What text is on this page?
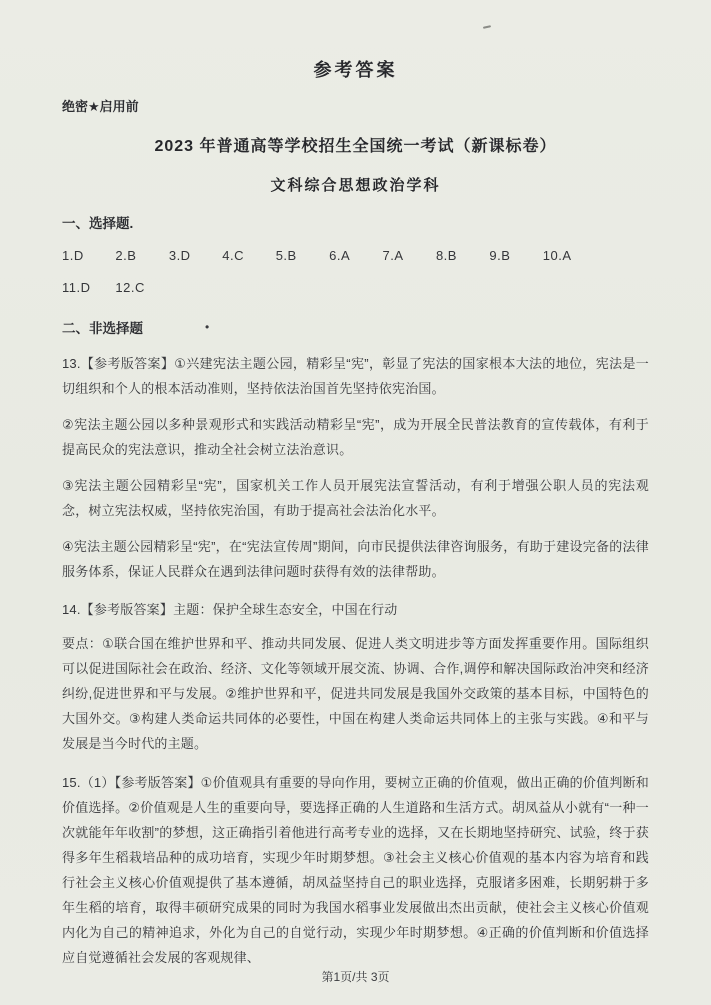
参考答案
绝密★启用前
2023 年普通高等学校招生全国统一考试（新课标卷）
文科综合思想政治学科
一、选择题.
1.D 2.B 3.D 4.C 5.B 6.A 7.A 8.B 9.B 10.A
11.D 12.C
二、非选择题	•

13.【参考版答案】①兴建宪法主题公园，精彩呈“宪”，彰显了宪法的国家根本大法的地位，宪法是一切组织和个人的根本活动准则，坚持依法治国首先坚持依宪治国。

②宪法主题公园以多种景观形式和实践活动精彩呈“宪”，成为开展全民普法教育的宣传载体，有利于提高民众的宪法意识，推动全社会树立法治意识。

③宪法主题公园精彩呈“宪”，国家机关工作人员开展宪法宣誓活动，有利于增强公职人员的宪法观念，树立宪法权威，坚持依宪治国，有助于提高社会法治化水平。

④宪法主题公园精彩呈“宪”，在“宪法宣传周”期间，向市民提供法律咨询服务，有助于建设完备的法律服务体系，保证人民群众在遇到法律问题时获得有效的法律帮助。

14.【参考版答案】主题：保护全球生态安全，中国在行动

要点：①联合国在维护世界和平、推动共同发展、促进人类文明进步等方面发挥重要作用。国际组织可以促进国际社会在政治、经济、文化等领域开展交流、协调、合作,调停和解决国际政治冲突和经济纠纷,促进世界和平与发展。②维护世界和平，促进共同发展是我国外交政策的基本目标，中国特色的大国外交。③构建人类命运共同体的必要性，中国在构建人类命运共同体上的主张与实践。④和平与发展是当今时代的主题。

15.（1）【参考版答案】①价值观具有重要的导向作用，要树立正确的价值观，做出正确的价值判断和价值选择。②价值观是人生的重要向导，要选择正确的人生道路和生活方式。胡凤益从小就有“一种一次就能年年收割”的梦想，这正确指引着他进行高考专业的选择，又在长期地坚持研究、试验，终于获得多年生稻栽培品种的成功培育，实现少年时期梦想。③社会主义核心价值观的基本内容为培育和践行社会主义核心价值观提供了基本遵循，胡凤益坚持自己的职业选择，克服诸多困难，长期躬耕于多年生稻的培育，取得丰硕研究成果的同时为我国水稻事业发展做出杰出贡献，使社会主义核心价值观内化为自己的精神追求，外化为自己的自觉行动，实现少年时期梦想。④正确的价值判断和价值选择应自觉遵循社会发展的客观规律、

第1页/共 3页
